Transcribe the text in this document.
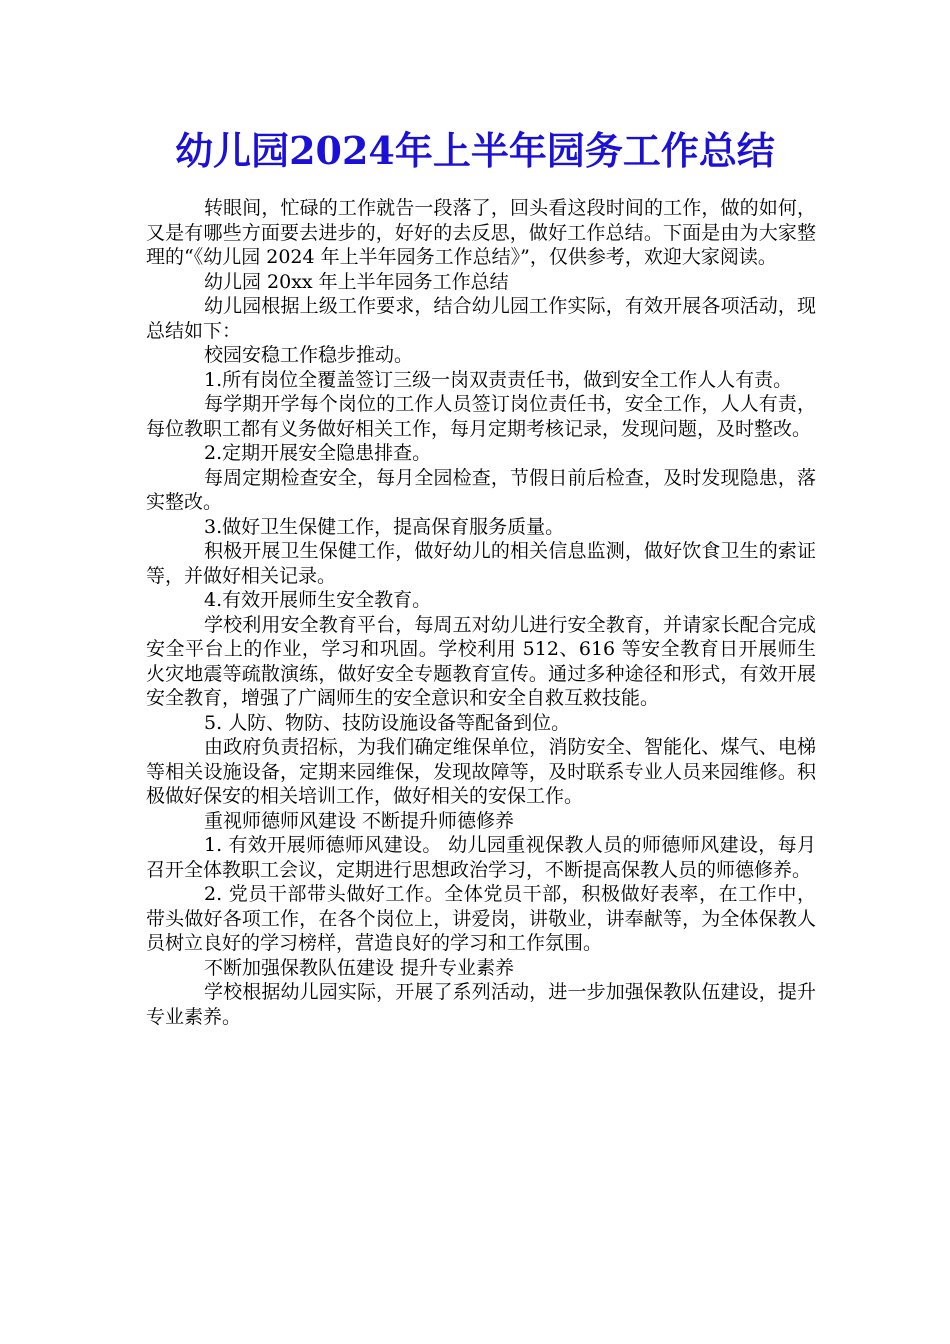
幼儿园2024年上半年园务工作总结

转眼间，忙碌的工作就告一段落了，回头看这段时间的工作，做的如何，又是有哪些方面要去进步的，好好的去反思，做好工作总结。下面是由为大家整理的“《幼儿园 2024 年上半年园务工作总结》”，仅供参考，欢迎大家阅读。

幼儿园 20xx 年上半年园务工作总结

幼儿园根据上级工作要求，结合幼儿园工作实际，有效开展各项活动，现总结如下：

校园安稳工作稳步推动。

1.所有岗位全覆盖签订三级一岗双责责任书，做到安全工作人人有责。

每学期开学每个岗位的工作人员签订岗位责任书，安全工作，人人有责，每位教职工都有义务做好相关工作，每月定期考核记录，发现问题，及时整改。

2.定期开展安全隐患排查。

每周定期检查安全，每月全园检查，节假日前后检查，及时发现隐患，落实整改。

3.做好卫生保健工作，提高保育服务质量。

积极开展卫生保健工作，做好幼儿的相关信息监测，做好饮食卫生的索证等，并做好相关记录。

4.有效开展师生安全教育。

学校利用安全教育平台，每周五对幼儿进行安全教育，并请家长配合完成安全平台上的作业，学习和巩固。学校利用 512、616 等安全教育日开展师生火灾地震等疏散演练，做好安全专题教育宣传。通过多种途径和形式，有效开展安全教育，增强了广阔师生的安全意识和安全自救互救技能。

5. 人防、物防、技防设施设备等配备到位。

由政府负责招标，为我们确定维保单位，消防安全、智能化、煤气、电梯等相关设施设备，定期来园维保，发现故障等，及时联系专业人员来园维修。积极做好保安的相关培训工作，做好相关的安保工作。

重视师德师风建设 不断提升师德修养

1. 有效开展师德师风建设。 幼儿园重视保教人员的师德师风建设，每月召开全体教职工会议，定期进行思想政治学习，不断提高保教人员的师德修养。

2. 党员干部带头做好工作。全体党员干部，积极做好表率，在工作中，带头做好各项工作，在各个岗位上，讲爱岗，讲敬业，讲奉献等，为全体保教人员树立良好的学习榜样，营造良好的学习和工作氛围。

不断加强保教队伍建设 提升专业素养

学校根据幼儿园实际，开展了系列活动，进一步加强保教队伍建设，提升专业素养。
